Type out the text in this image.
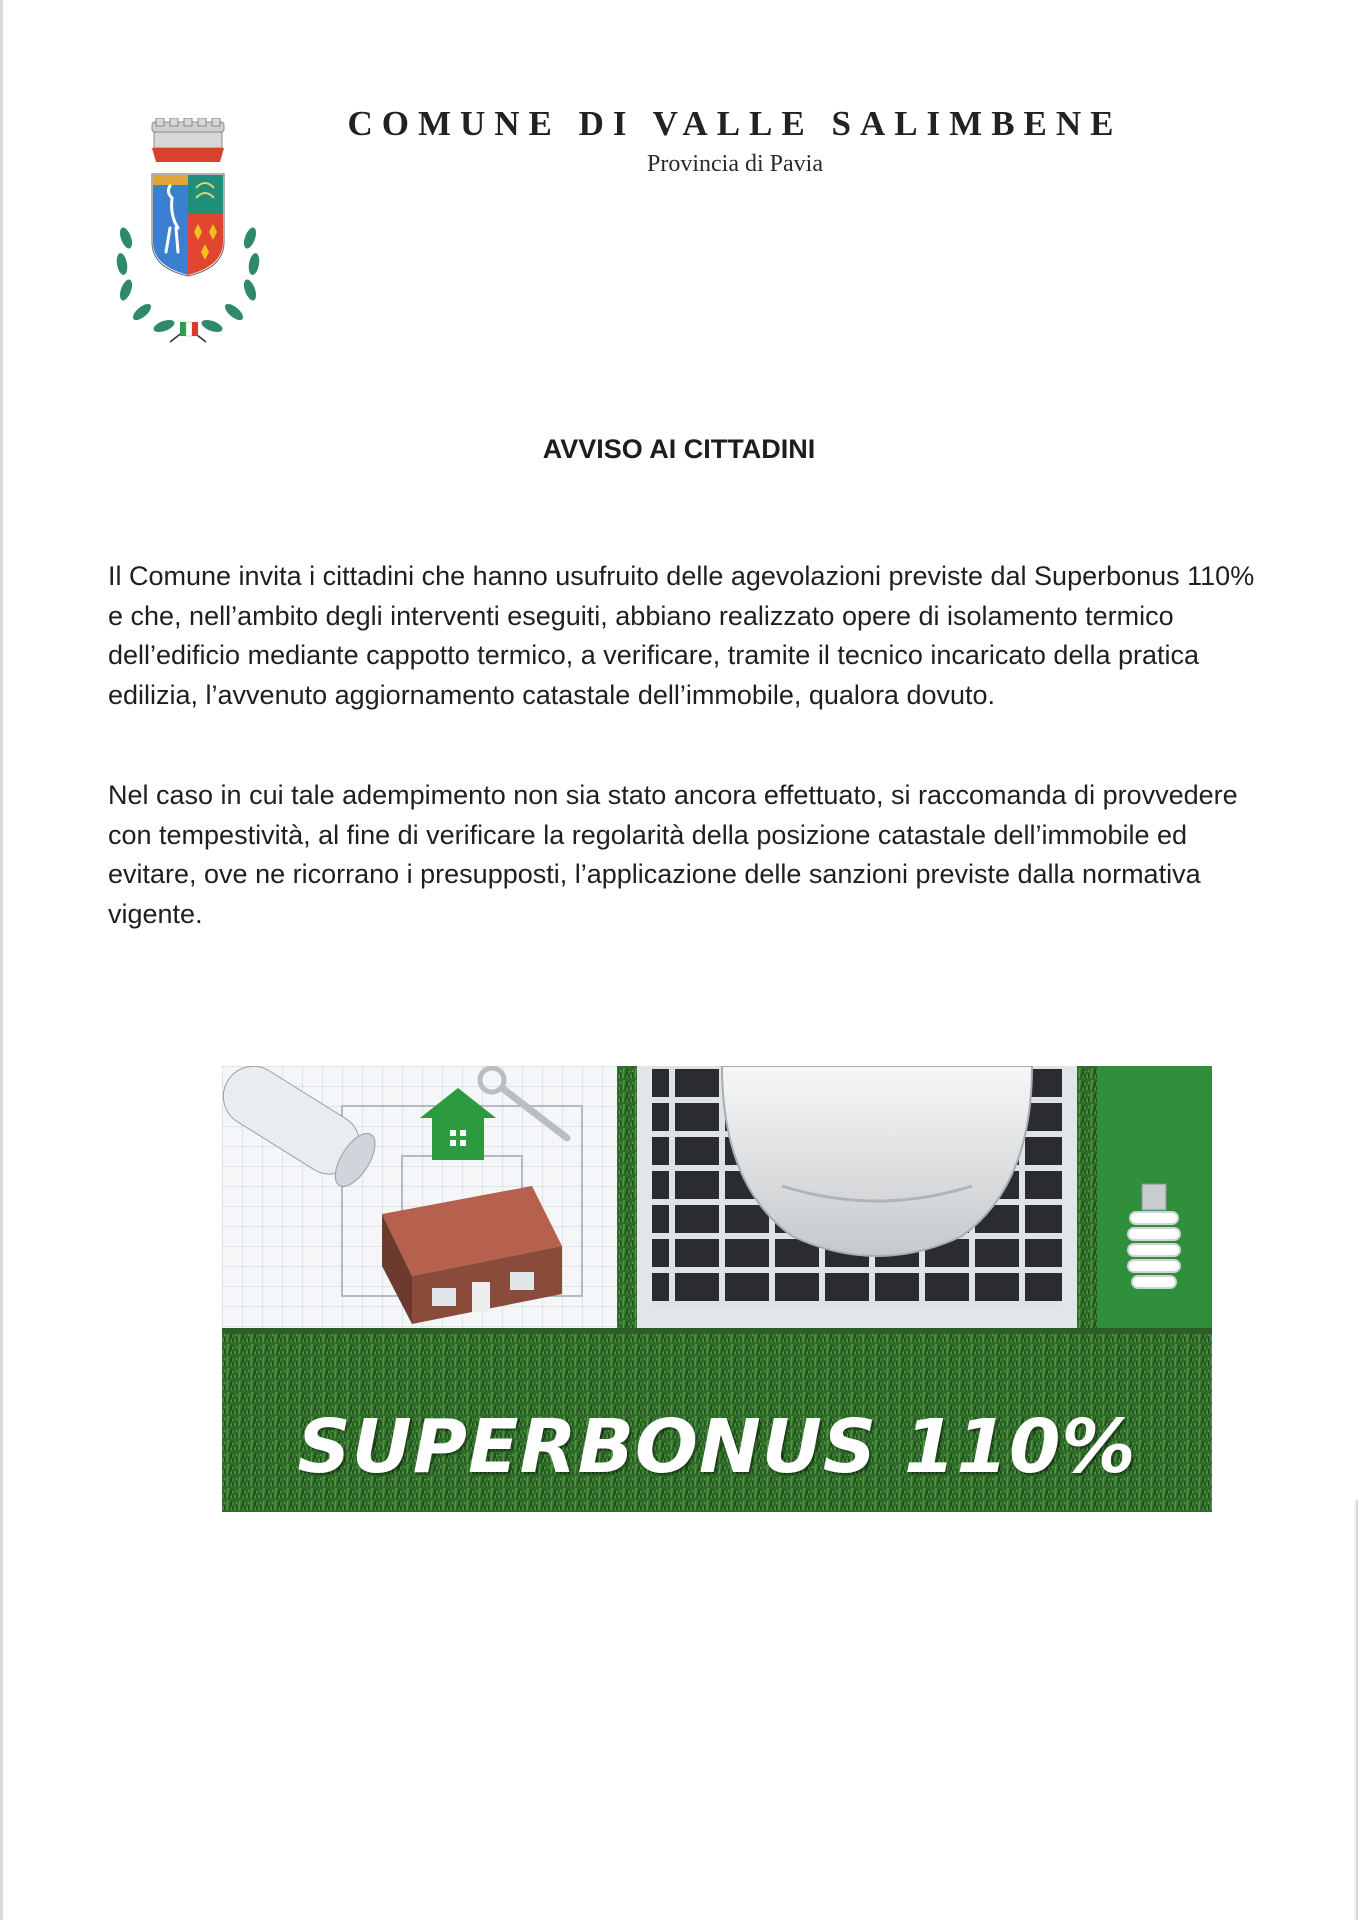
COMUNE DI VALLE SALIMBENE
Provincia di Pavia
AVVISO AI CITTADINI

Il Comune invita i cittadini che hanno usufruito delle agevolazioni previste dal Superbonus 110% e che, nell’ambito degli interventi eseguiti, abbiano realizzato opere di isolamento termico dell’edificio mediante cappotto termico, a verificare, tramite il tecnico incaricato della pratica edilizia, l’avvenuto aggiornamento catastale dell’immobile, qualora dovuto.

Nel caso in cui tale adempimento non sia stato ancora effettuato, si raccomanda di provvedere con tempestività, al fine di verificare la regolarità della posizione catastale dell’immobile ed evitare, ove ne ricorrano i presupposti, l’applicazione delle sanzioni previste dalla normativa vigente.

SUPERBONUS 110%
